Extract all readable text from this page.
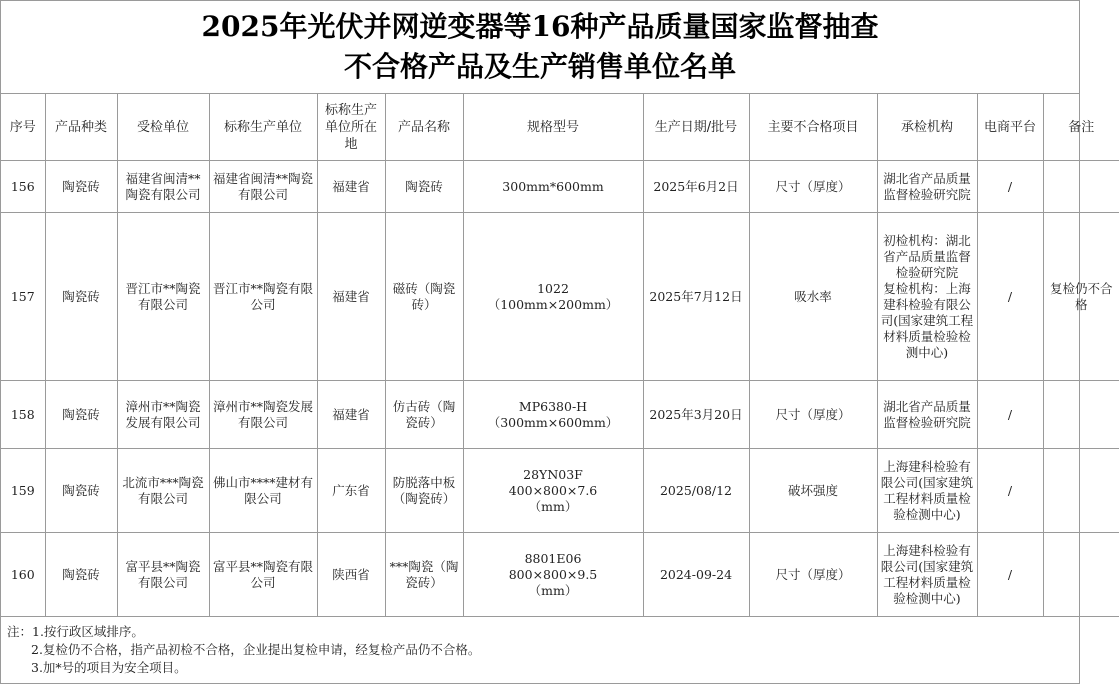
2025年光伏并网逆变器等16种产品质量国家监督抽查
不合格产品及生产销售单位名单
序号	产品种类	受检单位	标称生产单位	标称生产单位所在地	产品名称	规格型号	生产日期/批号	主要不合格项目	承检机构	电商平台	备注
156	陶瓷砖	福建省闽清**陶瓷有限公司	福建省闽清**陶瓷有限公司	福建省	陶瓷砖	300mm*600mm	2025年6月2日	尺寸（厚度）	湖北省产品质量监督检验研究院	/	
157	陶瓷砖	晋江市**陶瓷有限公司	晋江市**陶瓷有限公司	福建省	磁砖（陶瓷砖）	1022
（100mm×200mm）	2025年7月12日	吸水率	初检机构：湖北省产品质量监督检验研究院
复检机构：上海建科检验有限公司(国家建筑工程材料质量检验检测中心)	/	复检仍不合格
158	陶瓷砖	漳州市**陶瓷发展有限公司	漳州市**陶瓷发展有限公司	福建省	仿古砖（陶瓷砖）	MP6380-H
（300mm×600mm）	2025年3月20日	尺寸（厚度）	湖北省产品质量监督检验研究院	/	
159	陶瓷砖	北流市***陶瓷有限公司	佛山市****建材有限公司	广东省	防脱落中板（陶瓷砖）	28YN03F
400×800×7.6
（mm）	2025/08/12	破坏强度	上海建科检验有限公司(国家建筑工程材料质量检验检测中心)	/	
160	陶瓷砖	富平县**陶瓷有限公司	富平县**陶瓷有限公司	陕西省	***陶瓷（陶瓷砖）	8801E06
800×800×9.5
（mm）	2024-09-24	尺寸（厚度）	上海建科检验有限公司(国家建筑工程材料质量检验检测中心)	/	
注：1.按行政区域排序。
2.复检仍不合格，指产品初检不合格，企业提出复检申请，经复检产品仍不合格。
3.加*号的项目为安全项目。
